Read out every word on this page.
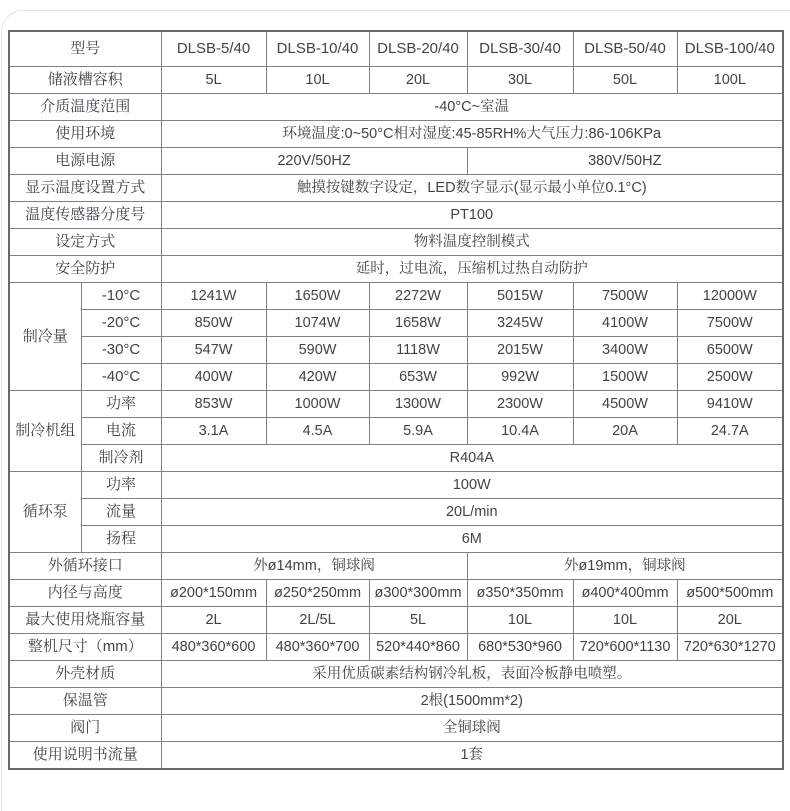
型号		DLSB-5/40	DLSB-10/40	DLSB-20/40	DLSB-30/40	DLSB-50/40	DLSB-100/40
储液槽容积		5L	10L	20L	30L	50L	100L
介质温度范围		-40°C~室温					
使用环境		环境温度:0~50°C相对湿度:45-85RH%大气压力:86-106KPa					
电源电源		220V/50HZ			380V/50HZ		
显示温度设置方式		触摸按键数字设定，LED数字显示(显示最小单位0.1°C)					
温度传感器分度号		PT100					
设定方式		物料温度控制模式					
安全防护		延时，过电流，压缩机过热自动防护					
制冷量	-10°C	1241W	1650W	2272W	5015W	7500W	12000W
	-20°C	850W	1074W	1658W	3245W	4100W	7500W
	-30°C	547W	590W	1118W	2015W	3400W	6500W
	-40°C	400W	420W	653W	992W	1500W	2500W
制冷机组	功率	853W	1000W	1300W	2300W	4500W	9410W
	电流	3.1A	4.5A	5.9A	10.4A	20A	24.7A
	制冷剂	R404A					
循环泵	功率	100W					
	流量	20L/min					
	扬程	6M					
外循环接口		外ø14mm，铜球阀			外ø19mm，铜球阀		
内径与高度		ø200*150mm	ø250*250mm	ø300*300mm	ø350*350mm	ø400*400mm	ø500*500mm
最大使用烧瓶容量		2L	2L/5L	5L	10L	10L	20L
整机尺寸（mm）		480*360*600	480*360*700	520*440*860	680*530*960	720*600*1130	720*630*1270
外壳材质		采用优质碳素结构钢冷轧板，表面冷板静电喷塑。					
保温管		2根(1500mm*2)					
阀门		全铜球阀					
使用说明书流量		1套					
